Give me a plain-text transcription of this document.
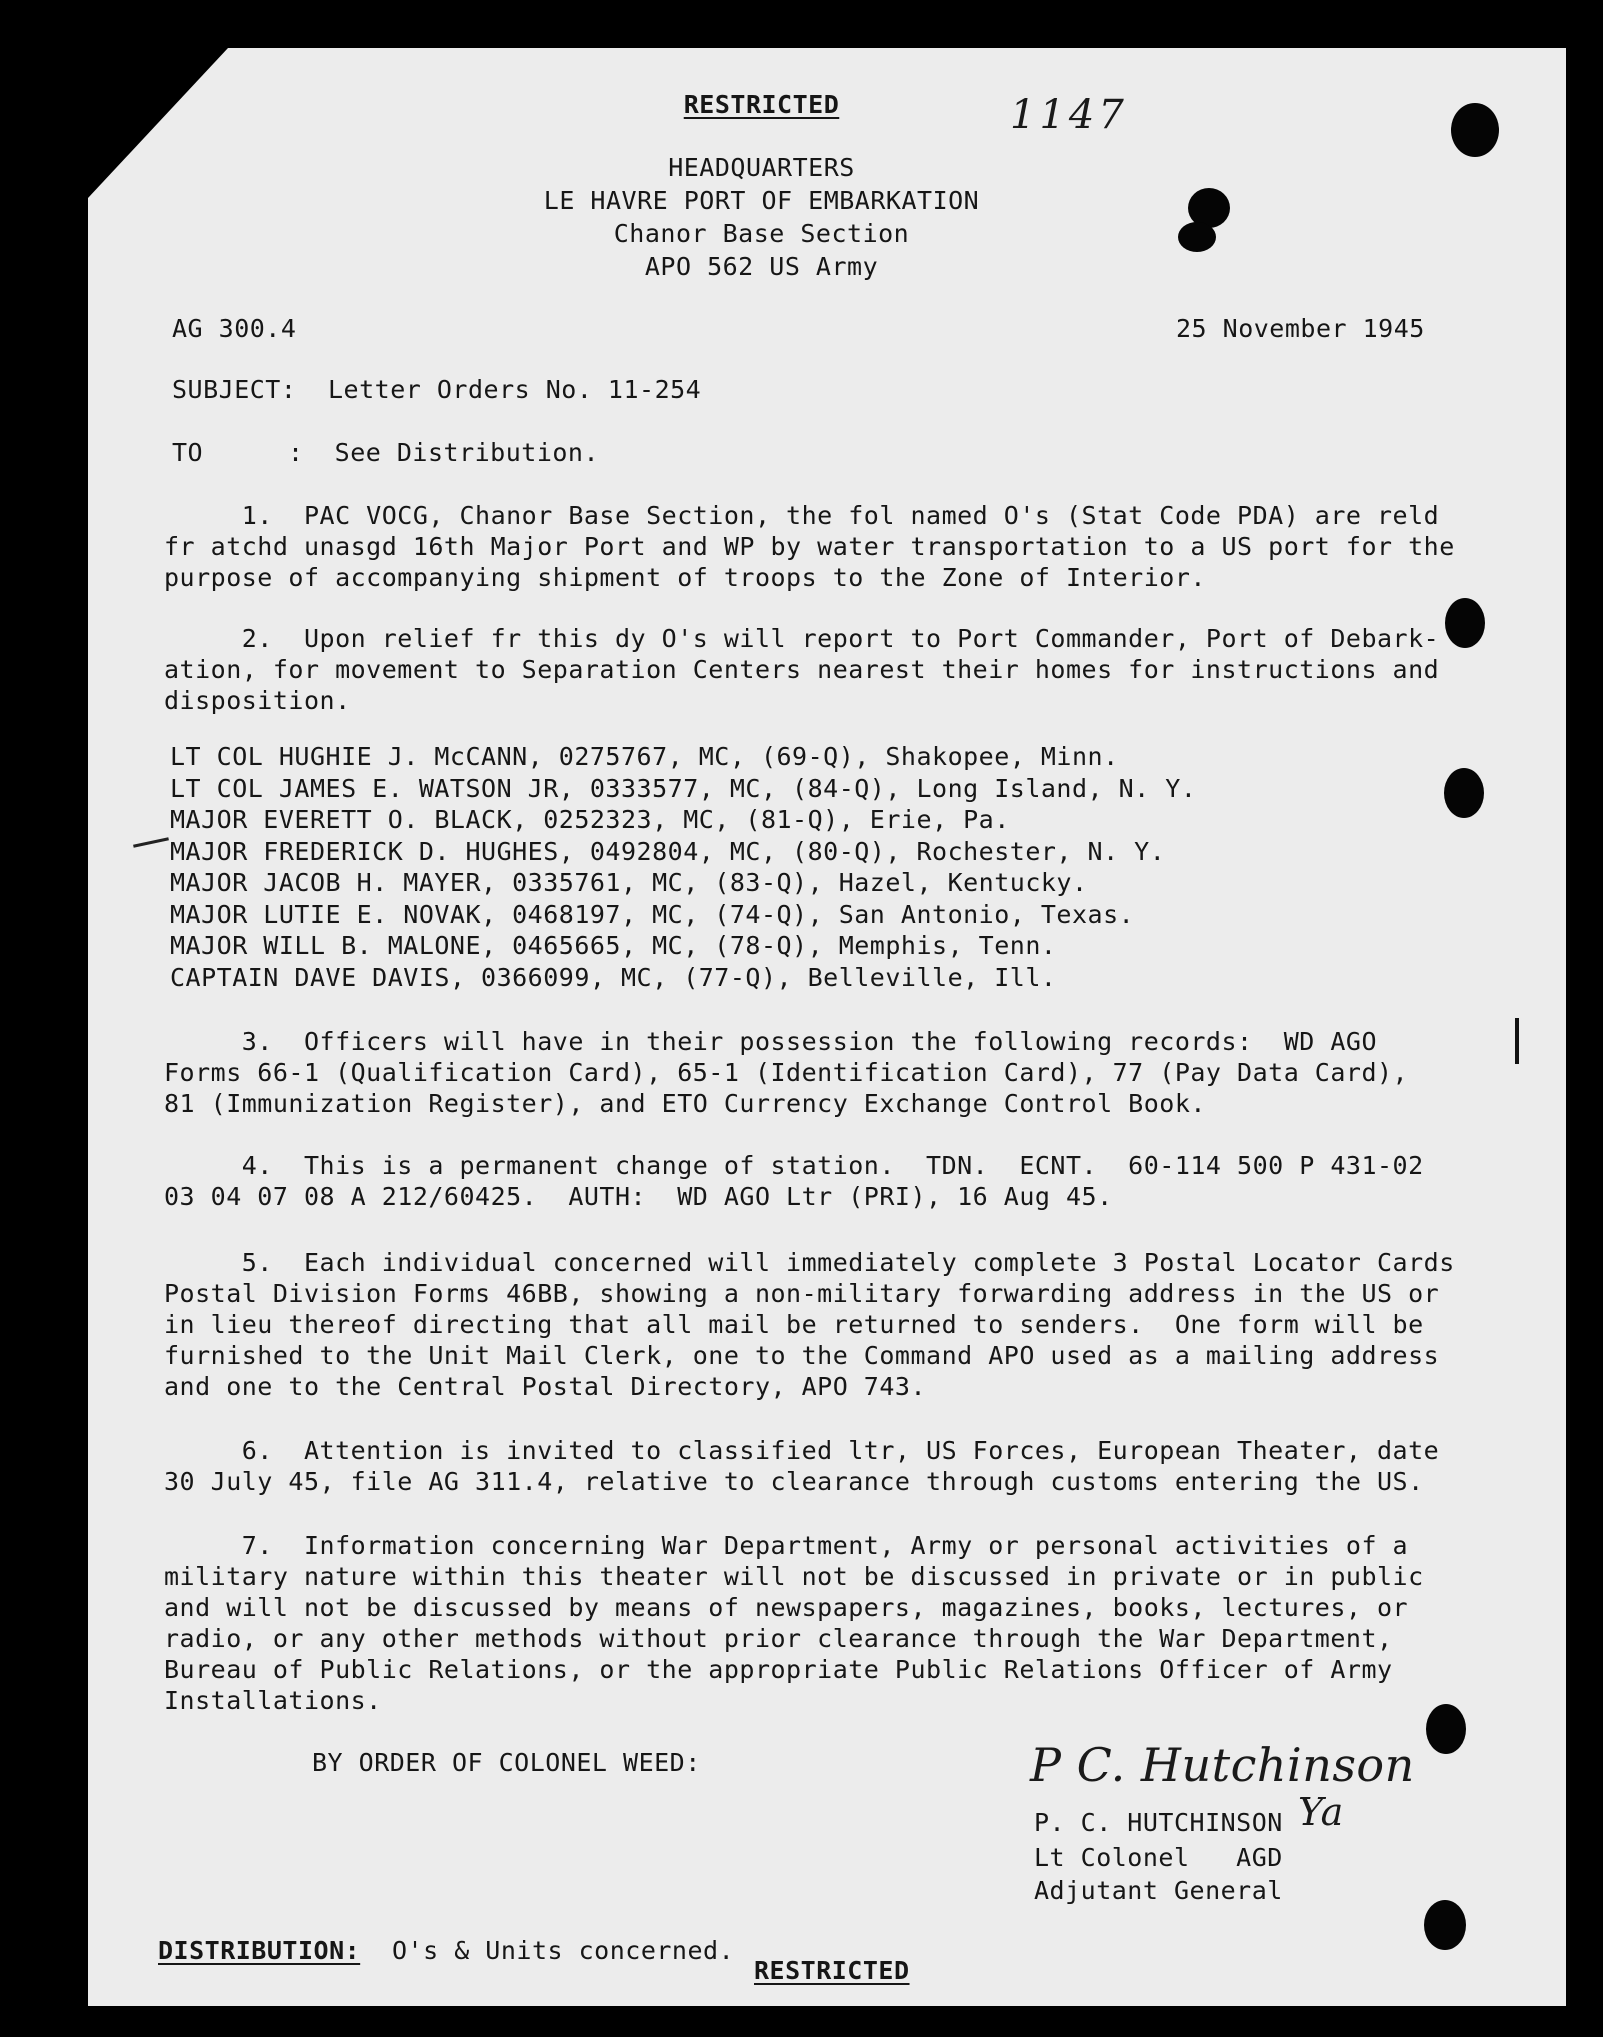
RESTRICTED	1147
HEADQUARTERS
LE HAVRE PORT OF EMBARKATION
Chanor Base Section
APO 562 US Army
AG 300.4	25 November 1945
SUBJECT: Letter Orders No. 11-254
TO	:  See Distribution.
1.  PAC VOCG, Chanor Base Section, the fol named O's (Stat Code PDA) are reld
fr atchd unasgd 16th Major Port and WP by water transportation to a US port for the
purpose of accompanying shipment of troops to the Zone of Interior.
2.  Upon relief fr this dy O's will report to Port Commander, Port of Debark-
ation, for movement to Separation Centers nearest their homes for instructions and
disposition.
LT COL HUGHIE J. McCANN, 0275767, MC, (69-Q), Shakopee, Minn.
LT COL JAMES E. WATSON JR, 0333577, MC, (84-Q), Long Island, N. Y.
MAJOR EVERETT O. BLACK, 0252323, MC, (81-Q), Erie, Pa.
MAJOR FREDERICK D. HUGHES, 0492804, MC, (80-Q), Rochester, N. Y.
MAJOR JACOB H. MAYER, 0335761, MC, (83-Q), Hazel, Kentucky.
MAJOR LUTIE E. NOVAK, 0468197, MC, (74-Q), San Antonio, Texas.
MAJOR WILL B. MALONE, 0465665, MC, (78-Q), Memphis, Tenn.
CAPTAIN DAVE DAVIS, 0366099, MC, (77-Q), Belleville, Ill.
3.  Officers will have in their possession the following records:  WD AGO
Forms 66-1 (Qualification Card), 65-1 (Identification Card), 77 (Pay Data Card),
81 (Immunization Register), and ETO Currency Exchange Control Book.
4.  This is a permanent change of station.  TDN.  ECNT.  60-114 500 P 431-02
03 04 07 08 A 212/60425.  AUTH:  WD AGO Ltr (PRI), 16 Aug 45.
5.  Each individual concerned will immediately complete 3 Postal Locator Cards
Postal Division Forms 46BB, showing a non-military forwarding address in the US or
in lieu thereof directing that all mail be returned to senders.  One form will be
furnished to the Unit Mail Clerk, one to the Command APO used as a mailing address
and one to the Central Postal Directory, APO 743.
6.  Attention is invited to classified ltr, US Forces, European Theater, date
30 July 45, file AG 311.4, relative to clearance through customs entering the US.
7.  Information concerning War Department, Army or personal activities of a
military nature within this theater will not be discussed in private or in public
and will not be discussed by means of newspapers, magazines, books, lectures, or
radio, or any other methods without prior clearance through the War Department,
Bureau of Public Relations, or the appropriate Public Relations Officer of Army
Installations.
BY ORDER OF COLONEL WEED:	P C. Hutchinson
P. C. HUTCHINSON Ya
Lt Colonel   AGD
Adjutant General
DISTRIBUTION: O's & Units concerned.
RESTRICTED
